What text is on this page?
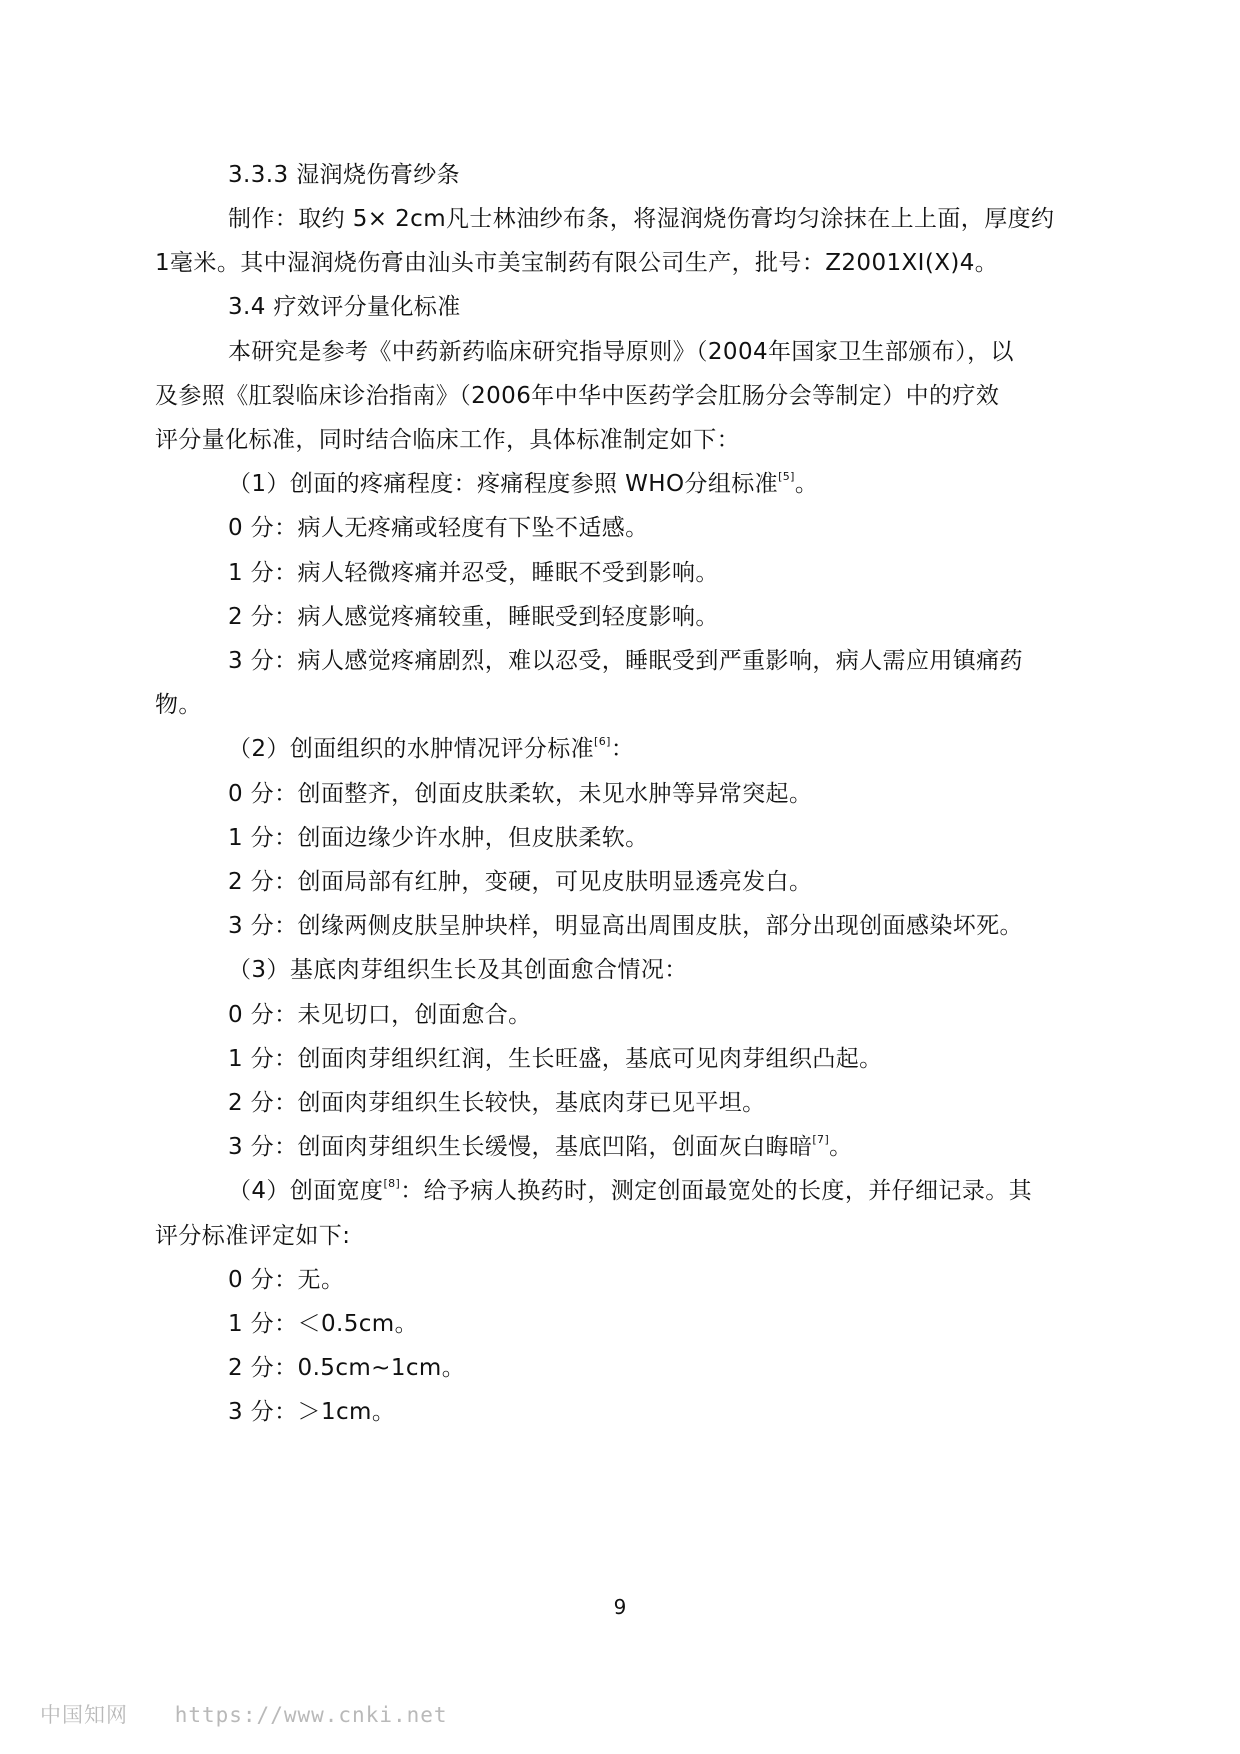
3.3.3 湿润烧伤膏纱条
制作：取约 5× 2cm凡士林油纱布条，将湿润烧伤膏均匀涂抹在上上面，厚度约
1毫米。其中湿润烧伤膏由汕头市美宝制药有限公司生产，批号：Z2001XI(X)4。
3.4 疗效评分量化标准
本研究是参考《中药新药临床研究指导原则》（2004年国家卫生部颁布），以
及参照《肛裂临床诊治指南》（2006年中华中医药学会肛肠分会等制定）中的疗效
评分量化标准，同时结合临床工作，具体标准制定如下：
（1）创面的疼痛程度：疼痛程度参照 WHO分组标准[5]。
0 分：病人无疼痛或轻度有下坠不适感。
1 分：病人轻微疼痛并忍受，睡眠不受到影响。
2 分：病人感觉疼痛较重，睡眠受到轻度影响。
3 分：病人感觉疼痛剧烈，难以忍受，睡眠受到严重影响，病人需应用镇痛药
物。
（2）创面组织的水肿情况评分标准[6]：
0 分：创面整齐，创面皮肤柔软，未见水肿等异常突起。
1 分：创面边缘少许水肿，但皮肤柔软。
2 分：创面局部有红肿，变硬，可见皮肤明显透亮发白。
3 分：创缘两侧皮肤呈肿块样，明显高出周围皮肤，部分出现创面感染坏死。
（3）基底肉芽组织生长及其创面愈合情况：
0 分：未见切口，创面愈合。
1 分：创面肉芽组织红润，生长旺盛，基底可见肉芽组织凸起。
2 分：创面肉芽组织生长较快，基底肉芽已见平坦。
3 分：创面肉芽组织生长缓慢，基底凹陷，创面灰白晦暗[7]。
（4）创面宽度[8]：给予病人换药时，测定创面最宽处的长度，并仔细记录。其
评分标准评定如下:
0 分：无。
1 分：＜0.5cm。
2 分：0.5cm~1cm。
3 分：＞1cm。
9
中国知网 https://www.cnki.net
